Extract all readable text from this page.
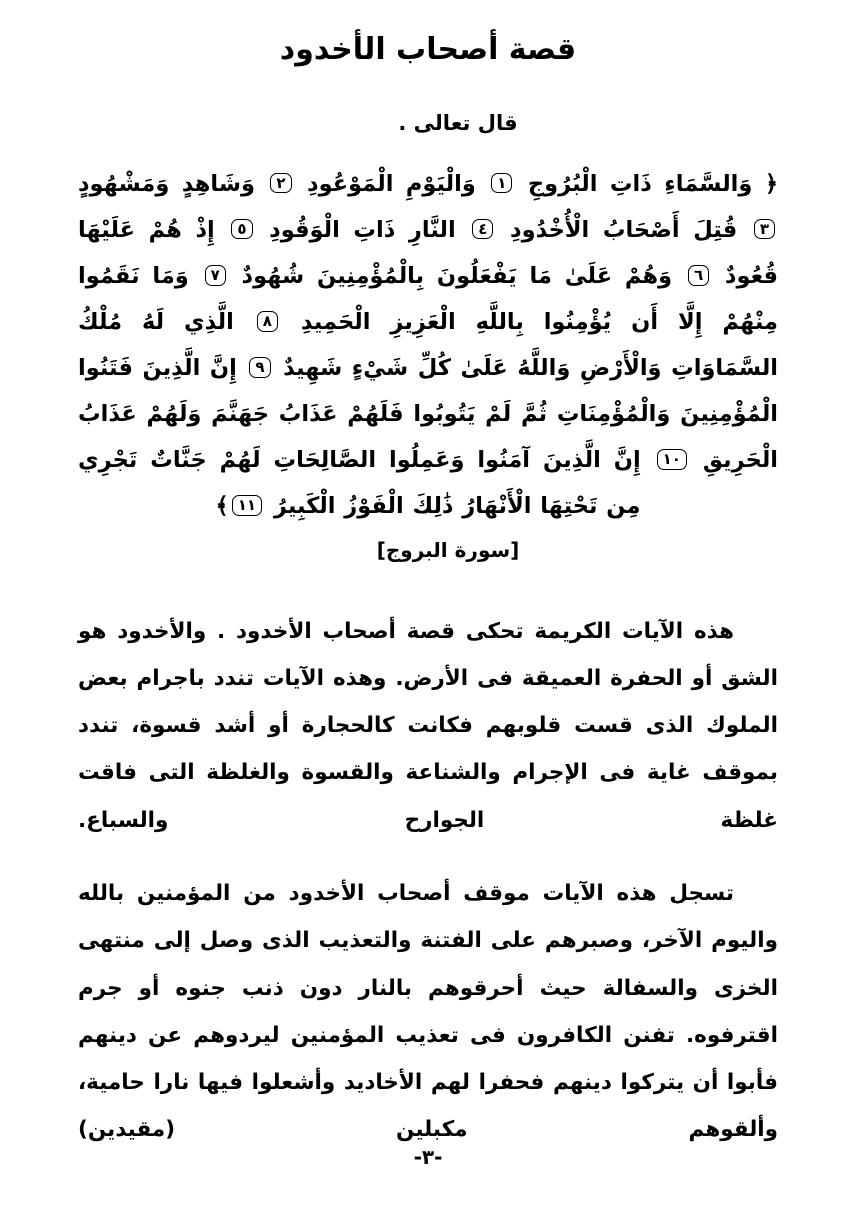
قصة أصحاب الأخدود

قال تعالى .

﴿ وَالسَّمَاءِ ذَاتِ الْبُرُوجِ ١ وَالْيَوْمِ الْمَوْعُودِ ٢ وَشَاهِدٍ وَمَشْهُودٍ ٣ قُتِلَ أَصْحَابُ الْأُخْدُودِ ٤ النَّارِ ذَاتِ الْوَقُودِ ٥ إِذْ هُمْ عَلَيْهَا قُعُودٌ ٦ وَهُمْ عَلَىٰ مَا يَفْعَلُونَ بِالْمُؤْمِنِينَ شُهُودٌ ٧ وَمَا نَقَمُوا مِنْهُمْ إِلَّا أَن يُؤْمِنُوا بِاللَّهِ الْعَزِيزِ الْحَمِيدِ ٨ الَّذِي لَهُ مُلْكُ السَّمَاوَاتِ وَالْأَرْضِ وَاللَّهُ عَلَىٰ كُلِّ شَيْءٍ شَهِيدٌ ٩ إِنَّ الَّذِينَ فَتَنُوا الْمُؤْمِنِينَ وَالْمُؤْمِنَاتِ ثُمَّ لَمْ يَتُوبُوا فَلَهُمْ عَذَابُ جَهَنَّمَ وَلَهُمْ عَذَابُ الْحَرِيقِ ١٠ إِنَّ الَّذِينَ آمَنُوا وَعَمِلُوا الصَّالِحَاتِ لَهُمْ جَنَّاتٌ تَجْرِي مِن تَحْتِهَا الْأَنْهَارُ ذَٰلِكَ الْفَوْزُ الْكَبِيرُ ١١﴾

[سورة البروج]

هذه الآيات الكريمة تحكى قصة أصحاب الأخدود . والأخدود هو الشق أو الحفرة العميقة فى الأرض. وهذه الآيات تندد باجرام بعض الملوك الذى قست قلوبهم فكانت كالحجارة أو أشد قسوة، تندد بموقف غاية فى الإجرام والشناعة والقسوة والغلظة التى فاقت غلظة الجوارح والسباع.

تسجل هذه الآيات موقف أصحاب الأخدود من المؤمنين بالله واليوم الآخر، وصبرهم على الفتنة والتعذيب الذى وصل إلى منتهى الخزى والسفالة حيث أحرقوهم بالنار دون ذنب جنوه أو جرم اقترفوه. تفنن الكافرون فى تعذيب المؤمنين ليردوهم عن دينهم فأبوا أن يتركوا دينهم فحفرا لهم الأخاديد وأشعلوا فيها نارا حامية، وألقوهم مكبلين (مقيدين)

-٣-
